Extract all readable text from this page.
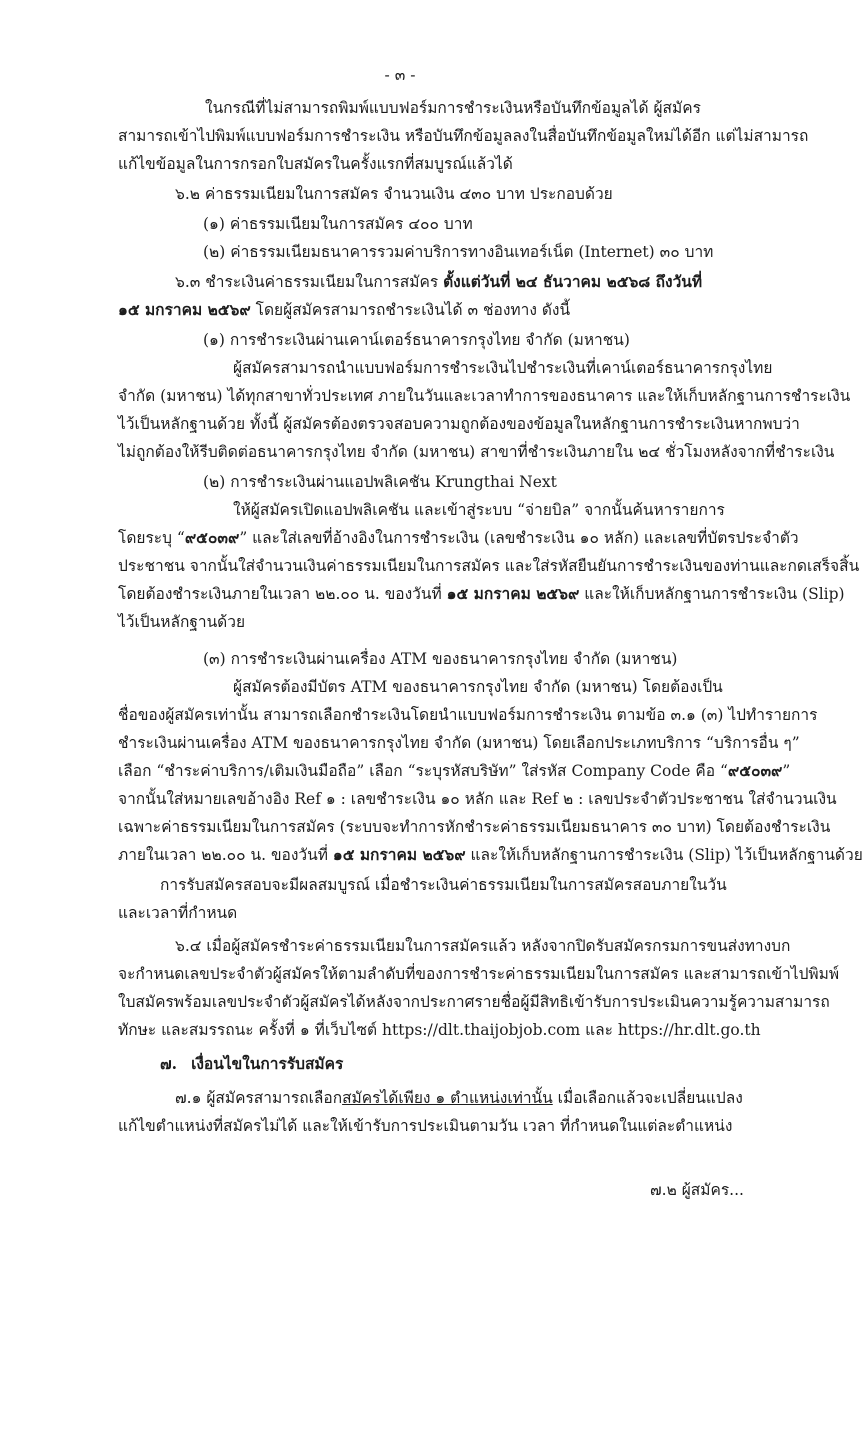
- ๓ -
ในกรณีที่ไม่สามารถพิมพ์แบบฟอร์มการชำระเงินหรือบันทึกข้อมูลได้ ผู้สมัคร
สามารถเข้าไปพิมพ์แบบฟอร์มการชำระเงิน หรือบันทึกข้อมูลลงในสื่อบันทึกข้อมูลใหม่ได้อีก แต่ไม่สามารถ
แก้ไขข้อมูลในการกรอกใบสมัครในครั้งแรกที่สมบูรณ์แล้วได้
๖.๒ ค่าธรรมเนียมในการสมัคร จำนวนเงิน ๔๓๐ บาท ประกอบด้วย
(๑) ค่าธรรมเนียมในการสมัคร ๔๐๐ บาท
(๒) ค่าธรรมเนียมธนาคารรวมค่าบริการทางอินเทอร์เน็ต (Internet) ๓๐ บาท
๖.๓ ชำระเงินค่าธรรมเนียมในการสมัคร ตั้งแต่วันที่ ๒๔ ธันวาคม ๒๕๖๘ ถึงวันที่
๑๕ มกราคม ๒๕๖๙ โดยผู้สมัครสามารถชำระเงินได้ ๓ ช่องทาง ดังนี้
(๑) การชำระเงินผ่านเคาน์เตอร์ธนาคารกรุงไทย จำกัด (มหาชน)
ผู้สมัครสามารถนำแบบฟอร์มการชำระเงินไปชำระเงินที่เคาน์เตอร์ธนาคารกรุงไทย
จำกัด (มหาชน) ได้ทุกสาขาทั่วประเทศ ภายในวันและเวลาทำการของธนาคาร และให้เก็บหลักฐานการชำระเงิน
ไว้เป็นหลักฐานด้วย ทั้งนี้ ผู้สมัครต้องตรวจสอบความถูกต้องของข้อมูลในหลักฐานการชำระเงินหากพบว่า
ไม่ถูกต้องให้รีบติดต่อธนาคารกรุงไทย จำกัด (มหาชน) สาขาที่ชำระเงินภายใน ๒๔ ชั่วโมงหลังจากที่ชำระเงิน
(๒) การชำระเงินผ่านแอปพลิเคชัน Krungthai Next
ให้ผู้สมัครเปิดแอปพลิเคชัน และเข้าสู่ระบบ “จ่ายบิล” จากนั้นค้นหารายการ
โดยระบุ “๙๕๐๓๙” และใส่เลขที่อ้างอิงในการชำระเงิน (เลขชำระเงิน ๑๐ หลัก) และเลขที่บัตรประจำตัว
ประชาชน จากนั้นใส่จำนวนเงินค่าธรรมเนียมในการสมัคร และใส่รหัสยืนยันการชำระเงินของท่านและกดเสร็จสิ้น
โดยต้องชำระเงินภายในเวลา ๒๒.๐๐ น. ของวันที่ ๑๕ มกราคม ๒๕๖๙ และให้เก็บหลักฐานการชำระเงิน (Slip)
ไว้เป็นหลักฐานด้วย
(๓) การชำระเงินผ่านเครื่อง ATM ของธนาคารกรุงไทย จำกัด (มหาชน)
ผู้สมัครต้องมีบัตร ATM ของธนาคารกรุงไทย จำกัด (มหาชน) โดยต้องเป็น
ชื่อของผู้สมัครเท่านั้น สามารถเลือกชำระเงินโดยนำแบบฟอร์มการชำระเงิน ตามข้อ ๓.๑ (๓) ไปทำรายการ
ชำระเงินผ่านเครื่อง ATM ของธนาคารกรุงไทย จำกัด (มหาชน) โดยเลือกประเภทบริการ “บริการอื่น ๆ”
เลือก “ชำระค่าบริการ/เติมเงินมือถือ” เลือก “ระบุรหัสบริษัท” ใส่รหัส Company Code คือ “๙๕๐๓๙”
จากนั้นใส่หมายเลขอ้างอิง Ref ๑ : เลขชำระเงิน ๑๐ หลัก และ Ref ๒ : เลขประจำตัวประชาชน ใส่จำนวนเงิน
เฉพาะค่าธรรมเนียมในการสมัคร (ระบบจะทำการหักชำระค่าธรรมเนียมธนาคาร ๓๐ บาท) โดยต้องชำระเงิน
ภายในเวลา ๒๒.๐๐ น. ของวันที่ ๑๕ มกราคม ๒๕๖๙ และให้เก็บหลักฐานการชำระเงิน (Slip) ไว้เป็นหลักฐานด้วย
การรับสมัครสอบจะมีผลสมบูรณ์ เมื่อชำระเงินค่าธรรมเนียมในการสมัครสอบภายในวัน
และเวลาที่กำหนด
๖.๔ เมื่อผู้สมัครชำระค่าธรรมเนียมในการสมัครแล้ว หลังจากปิดรับสมัครกรมการขนส่งทางบก
จะกำหนดเลขประจำตัวผู้สมัครให้ตามลำดับที่ของการชำระค่าธรรมเนียมในการสมัคร และสามารถเข้าไปพิมพ์
ใบสมัครพร้อมเลขประจำตัวผู้สมัครได้หลังจากประกาศรายชื่อผู้มีสิทธิเข้ารับการประเมินความรู้ความสามารถ
ทักษะ และสมรรถนะ ครั้งที่ ๑ ที่เว็บไซต์ https://dlt.thaijobjob.com และ https://hr.dlt.go.th
๗. เงื่อนไขในการรับสมัคร
๗.๑ ผู้สมัครสามารถเลือกสมัครได้เพียง ๑ ตำแหน่งเท่านั้น เมื่อเลือกแล้วจะเปลี่ยนแปลง
แก้ไขตำแหน่งที่สมัครไม่ได้ และให้เข้ารับการประเมินตามวัน เวลา ที่กำหนดในแต่ละตำแหน่ง
๗.๒ ผู้สมัคร...
